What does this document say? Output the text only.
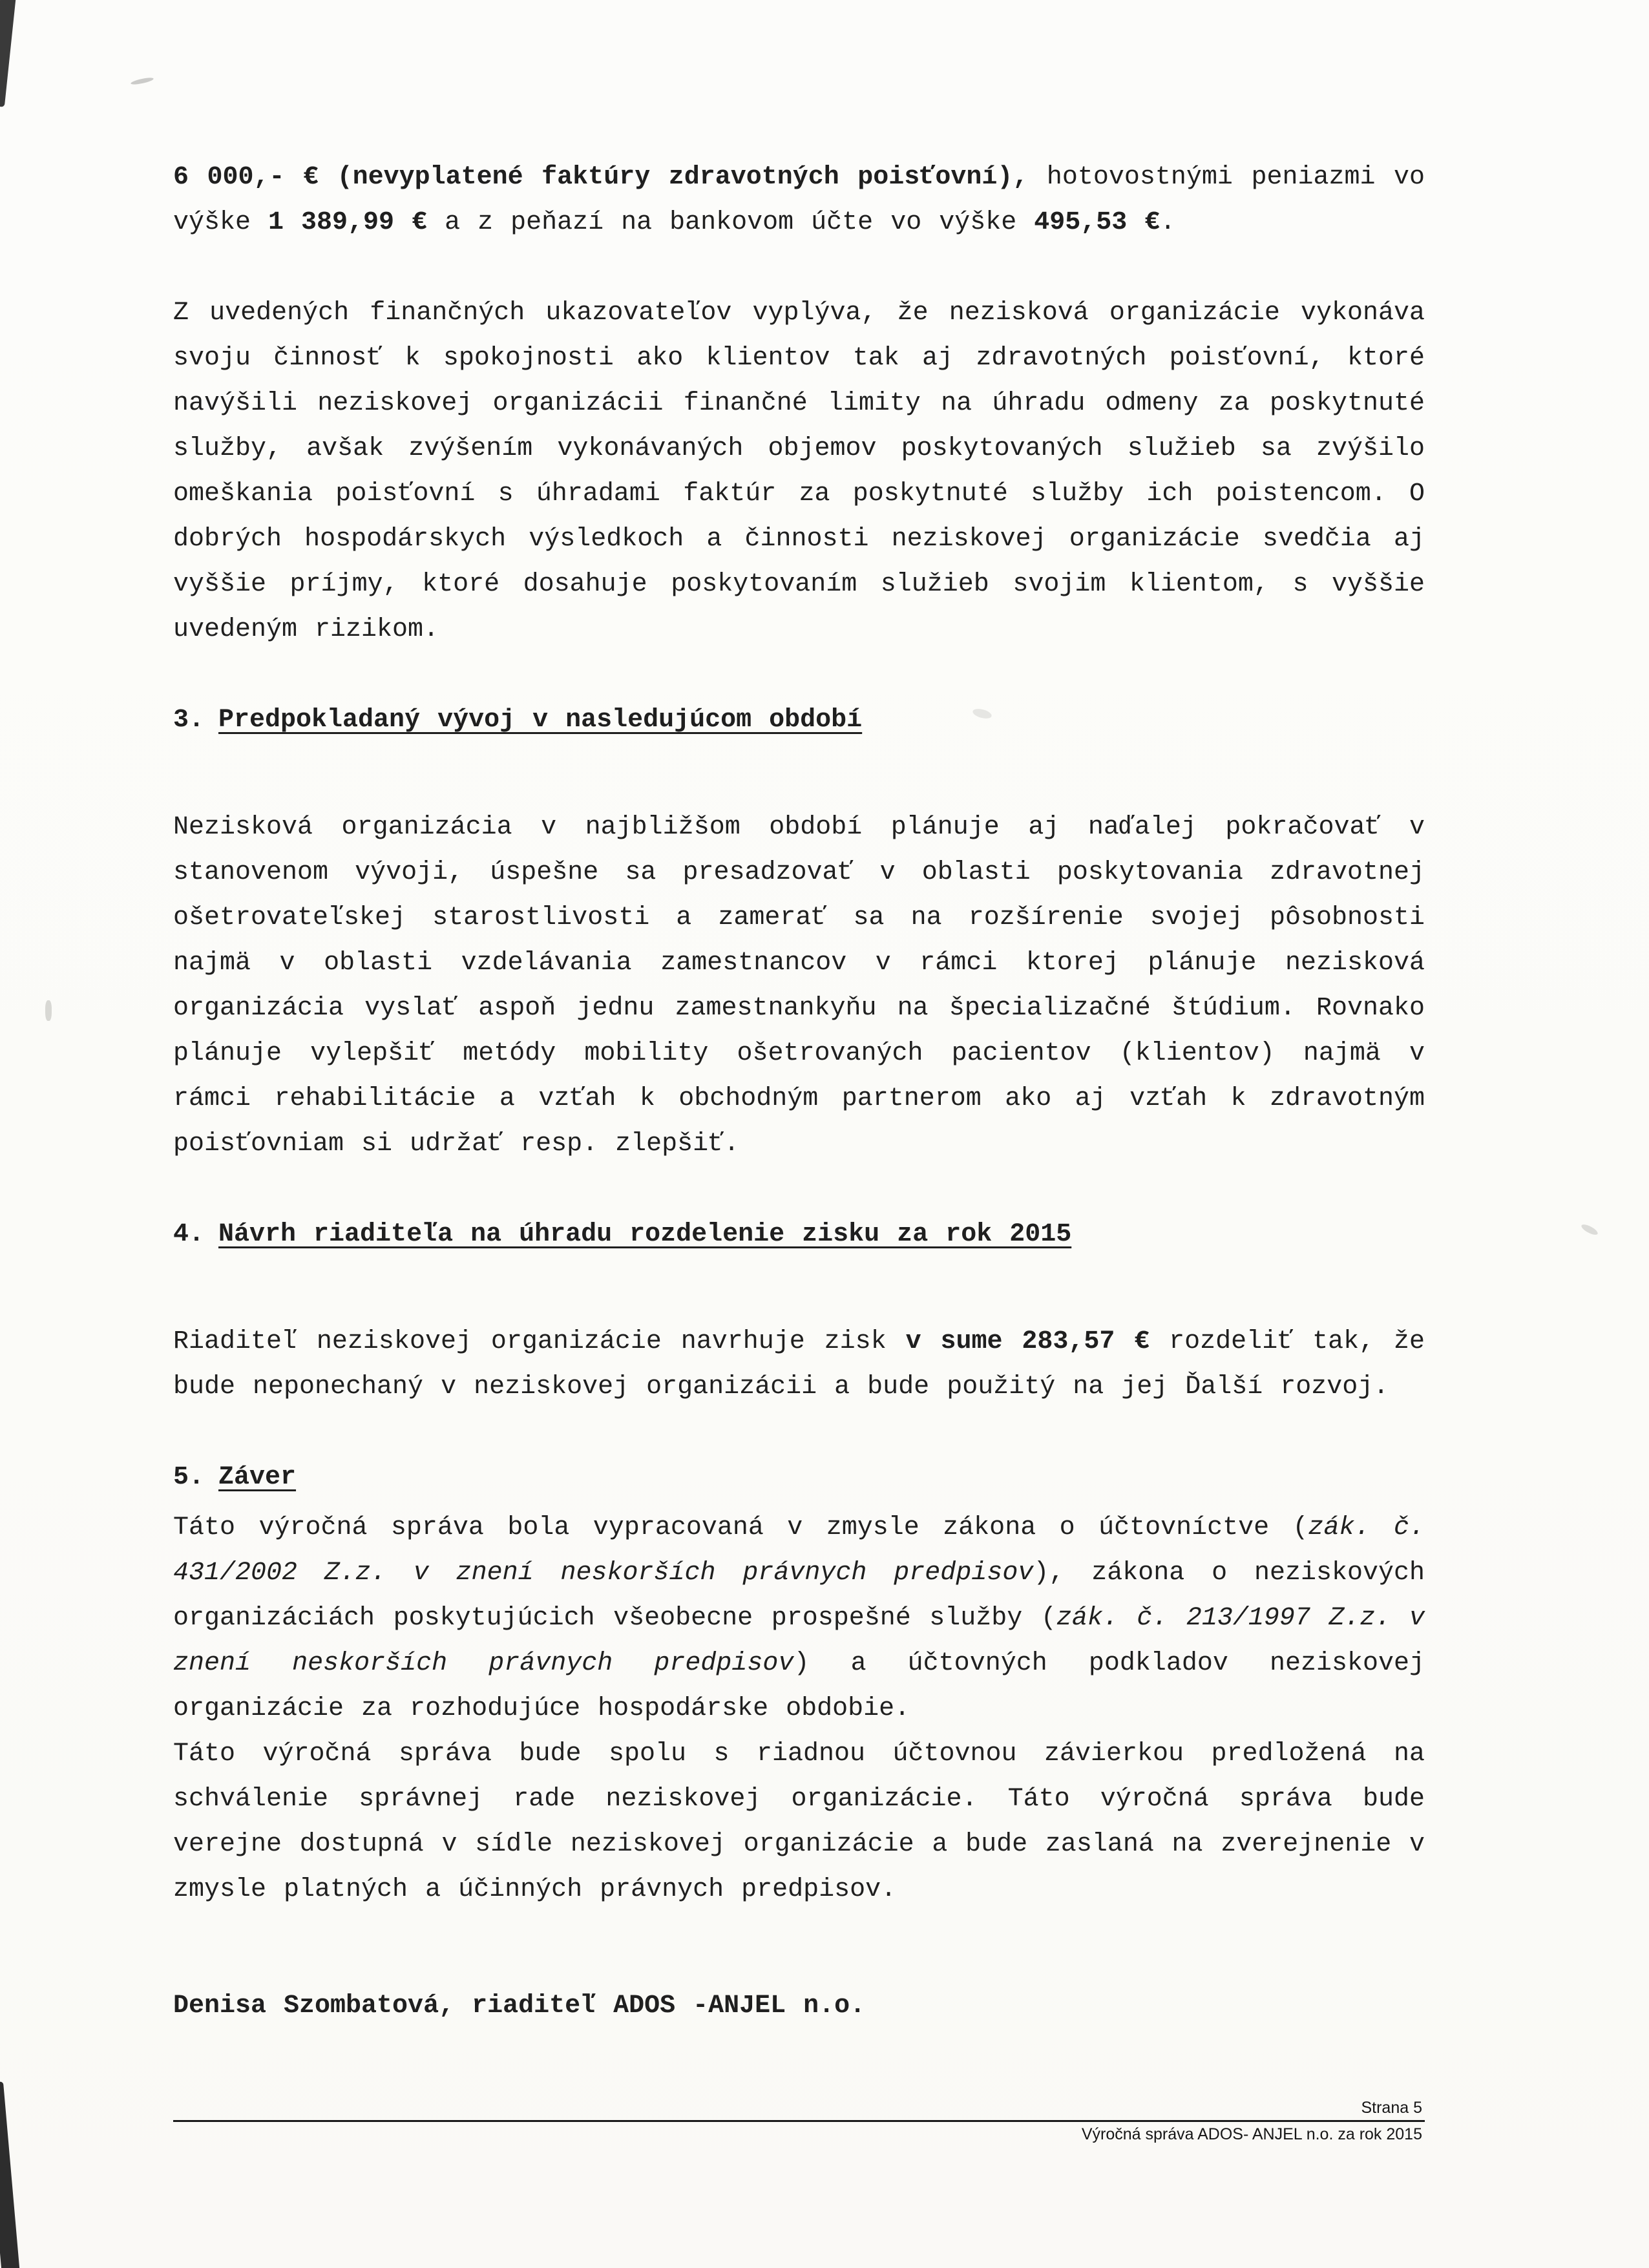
6 000,- € (nevyplatené faktúry zdravotných poisťovní), hotovostnými peniazmi vo výške 1 389,99 € a z peňazí na bankovom účte vo výške 495,53 €.

Z uvedených finančných ukazovateľov vyplýva, že nezisková organizácie vykonáva svoju činnosť k spokojnosti ako klientov tak aj zdravotných poisťovní, ktoré navýšili neziskovej organizácii finančné limity na úhradu odmeny za poskytnuté služby, avšak zvýšením vykonávaných objemov poskytovaných služieb sa zvýšilo omeškania poisťovní s úhradami faktúr za poskytnuté služby ich poistencom. O dobrých hospodárskych výsledkoch a činnosti neziskovej organizácie svedčia aj vyššie príjmy, ktoré dosahuje poskytovaním služieb svojim klientom, s vyššie uvedeným rizikom.

3. Predpokladaný vývoj v nasledujúcom období

Nezisková organizácia v najbližšom období plánuje aj naďalej pokračovať v stanovenom vývoji, úspešne sa presadzovať v oblasti poskytovania zdravotnej ošetrovateľskej starostlivosti a zamerať sa na rozšírenie svojej pôsobnosti najmä v oblasti vzdelávania zamestnancov v rámci ktorej plánuje nezisková organizácia vyslať aspoň jednu zamestnankyňu na špecializačné štúdium. Rovnako plánuje vylepšiť metódy mobility ošetrovaných pacientov (klientov) najmä v rámci rehabilitácie a vzťah k obchodným partnerom ako aj vzťah k zdravotným poisťovniam si udržať resp. zlepšiť.

4. Návrh riaditeľa na úhradu rozdelenie zisku za rok 2015

Riaditeľ neziskovej organizácie navrhuje zisk v sume 283,57 € rozdeliť tak, že bude neponechaný v neziskovej organizácii a bude použitý na jej Ďalší rozvoj.

5. Záver

Táto výročná správa bola vypracovaná v zmysle zákona o účtovníctve (zák. č. 431/2002 Z.z. v znení neskorších právnych predpisov), zákona o neziskových organizáciách poskytujúcich všeobecne prospešné služby (zák. č. 213/1997 Z.z. v znení neskorších právnych predpisov) a účtovných podkladov neziskovej organizácie za rozhodujúce hospodárske obdobie.

Táto výročná správa bude spolu s riadnou účtovnou závierkou predložená na schválenie správnej rade neziskovej organizácie. Táto výročná správa bude verejne dostupná v sídle neziskovej organizácie a bude zaslaná na zverejnenie v zmysle platných a účinných právnych predpisov.

Denisa Szombatová, riaditeľ ADOS -ANJEL n.o.

Strana 5
Výročná správa ADOS- ANJEL n.o. za rok 2015
